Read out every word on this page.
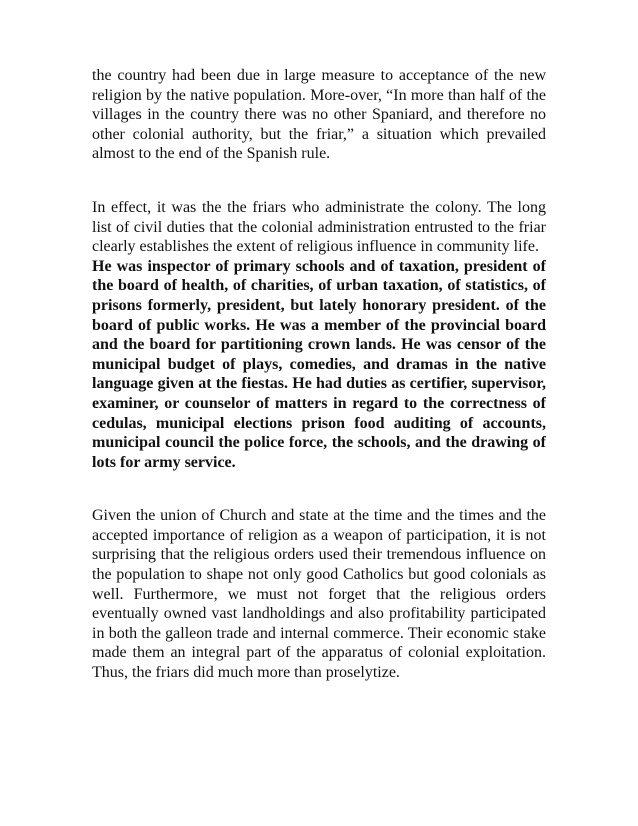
the country had been due in large measure to acceptance of the new religion by the native population. More-over, “In more than half of the villages in the country there was no other Spaniard, and therefore no other colonial authority, but the friar,” a situation which prevailed almost to the end of the Spanish rule.

In effect, it was the the friars who administrate the colony. The long list of civil duties that the colonial administration entrusted to the friar clearly establishes the extent of religious influence in community life.

He was inspector of primary schools and of taxation, president of the board of health, of charities, of urban taxation, of statistics, of prisons formerly, president, but lately honorary president. of the board of public works. He was a member of the provincial board and the board for partitioning crown lands. He was censor of the municipal budget of plays, comedies, and dramas in the native language given at the fiestas. He had duties as certifier, supervisor, examiner, or counselor of matters in regard to the correctness of cedulas, municipal elections prison food auditing of accounts, municipal council the police force, the schools, and the drawing of lots for army service.

Given the union of Church and state at the time and the times and the accepted importance of religion as a weapon of participation, it is not surprising that the religious orders used their tremendous influence on the population to shape not only good Catholics but good colonials as well. Furthermore, we must not forget that the religious orders eventually owned vast landholdings and also profitability participated in both the galleon trade and internal commerce. Their economic stake made them an integral part of the apparatus of colonial exploitation. Thus, the friars did much more than proselytize.
